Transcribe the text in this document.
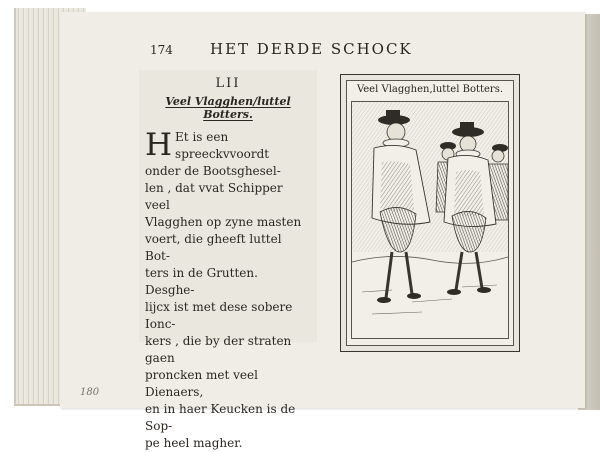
174	HET DERDE SCHOCK
LII
Veel Vlagghen/luttel Botters.
H Et is een spreeckvvoordt

onder de Bootsghesel-

len , dat vvat Schipper veel

Vlagghen op zyne masten

voert, die gheeft luttel Bot-

ters in de Grutten. Desghe-

lijcx ist met dese sobere Ionc-

kers , die by der straten gaen

proncken met veel Dienaers,

en in haer Keucken is de Sop-

pe heel magher.

Veel Vlagghen,luttel Botters.
180
